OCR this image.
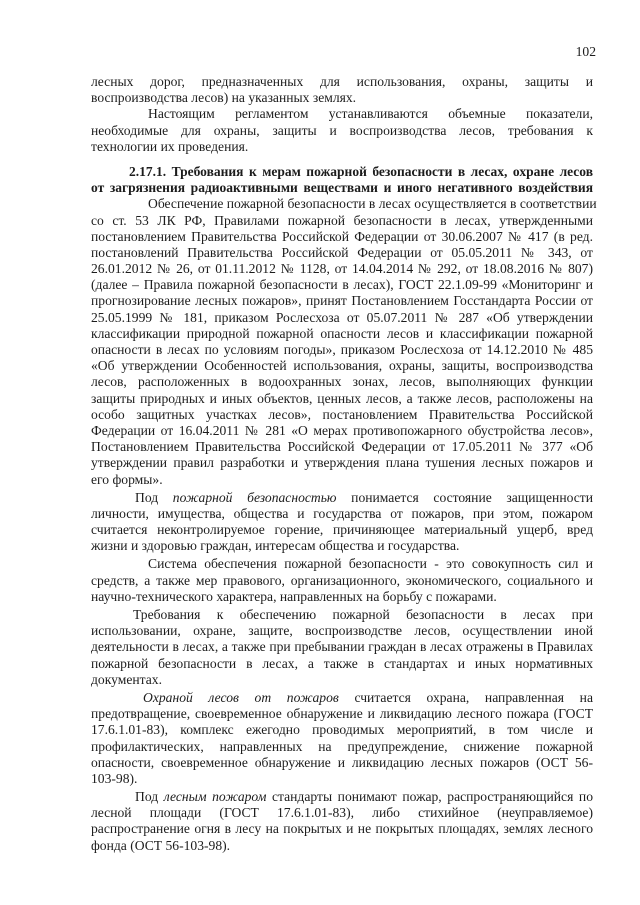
102
лесных дорог, предназначенных для использования, охраны, защиты и
воспроизводства лесов) на указанных землях.
Настоящим регламентом устанавливаются объемные показатели,
необходимые для охраны, защиты и воспроизводства лесов, требования к
технологии их проведения.
2.17.1. Требования к мерам пожарной безопасности в лесах, охране лесов
от загрязнения радиоактивными веществами и иного негативного воздействия
Обеспечение пожарной безопасности в лесах осуществляется в соответствии
со ст. 53 ЛК РФ, Правилами пожарной безопасности в лесах, утвержденными
постановлением Правительства Российской Федерации от 30.06.2007 № 417 (в ред.
постановлений Правительства Российской Федерации от 05.05.2011 № 343, от
26.01.2012 № 26, от 01.11.2012 № 1128, от 14.04.2014 № 292, от 18.08.2016 № 807)
(далее – Правила пожарной безопасности в лесах), ГОСТ 22.1.09-99 «Мониторинг и
прогнозирование лесных пожаров», принят Постановлением Госстандарта России от
25.05.1999 № 181, приказом Рослесхоза от 05.07.2011 № 287 «Об утверждении
классификации природной пожарной опасности лесов и классификации пожарной
опасности в лесах по условиям погоды», приказом Рослесхоза от 14.12.2010 № 485
«Об утверждении Особенностей использования, охраны, защиты, воспроизводства
лесов, расположенных в водоохранных зонах, лесов, выполняющих функции
защиты природных и иных объектов, ценных лесов, а также лесов, расположены на
особо защитных участках лесов», постановлением Правительства Российской
Федерации от 16.04.2011 № 281 «О мерах противопожарного обустройства лесов»,
Постановлением Правительства Российской Федерации от 17.05.2011 № 377 «Об
утверждении правил разработки и утверждения плана тушения лесных пожаров и
его формы».
Под пожарной безопасностью понимается состояние защищенности
личности, имущества, общества и государства от пожаров, при этом, пожаром
считается неконтролируемое горение, причиняющее материальный ущерб, вред
жизни и здоровью граждан, интересам общества и государства.
Система обеспечения пожарной безопасности - это совокупность сил и
средств, а также мер правового, организационного, экономического, социального и
научно-технического характера, направленных на борьбу с пожарами.
Требования к обеспечению пожарной безопасности в лесах при
использовании, охране, защите, воспроизводстве лесов, осуществлении иной
деятельности в лесах, а также при пребывании граждан в лесах отражены в Правилах
пожарной безопасности в лесах, а также в стандартах и иных нормативных
документах.
Охраной лесов от пожаров считается охрана, направленная на
предотвращение, своевременное обнаружение и ликвидацию лесного пожара (ГОСТ
17.6.1.01-83), комплекс ежегодно проводимых мероприятий, в том числе и
профилактических, направленных на предупреждение, снижение пожарной
опасности, своевременное обнаружение и ликвидацию лесных пожаров (ОСТ 56-
103-98).
Под лесным пожаром стандарты понимают пожар, распространяющийся по
лесной площади (ГОСТ 17.6.1.01-83), либо стихийное (неуправляемое)
распространение огня в лесу на покрытых и не покрытых площадях, землях лесного
фонда (ОСТ 56-103-98).
